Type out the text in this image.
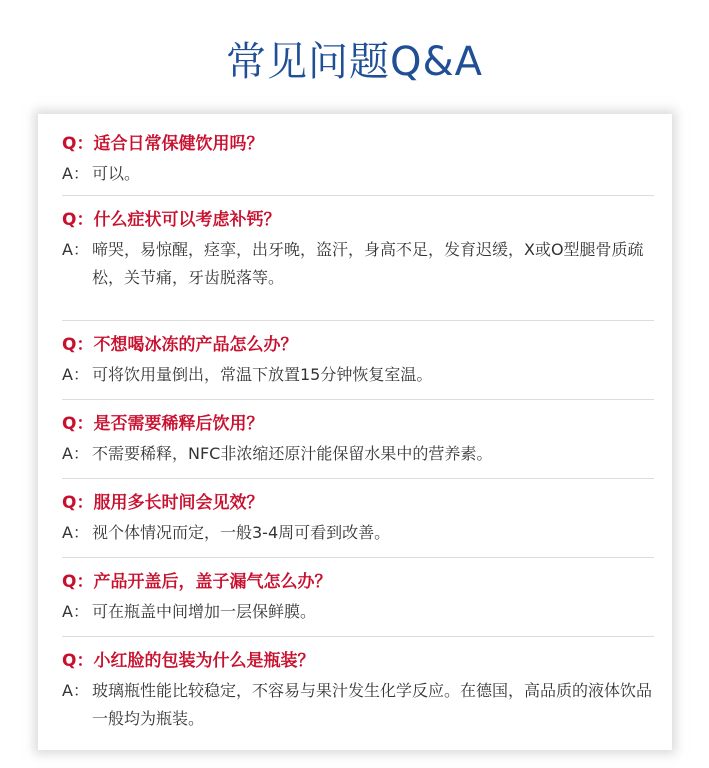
常见问题Q&A
Q： 适合日常保健饮用吗？
A： 可以。
Q： 什么症状可以考虑补钙？
A： 啼哭，易惊醒，痉挛，出牙晚，盗汗，身高不足，发育迟缓，X或O型腿骨质疏松，关节痛，牙齿脱落等。
Q： 不想喝冰冻的产品怎么办？
A： 可将饮用量倒出，常温下放置15分钟恢复室温。
Q： 是否需要稀释后饮用？
A： 不需要稀释，NFC非浓缩还原汁能保留水果中的营养素。
Q： 服用多长时间会见效？
A： 视个体情况而定，一般3-4周可看到改善。
Q： 产品开盖后，盖子漏气怎么办？
A： 可在瓶盖中间增加一层保鲜膜。
Q： 小红脸的包装为什么是瓶装？
A： 玻璃瓶性能比较稳定，不容易与果汁发生化学反应。在德国，高品质的液体饮品一般均为瓶装。
